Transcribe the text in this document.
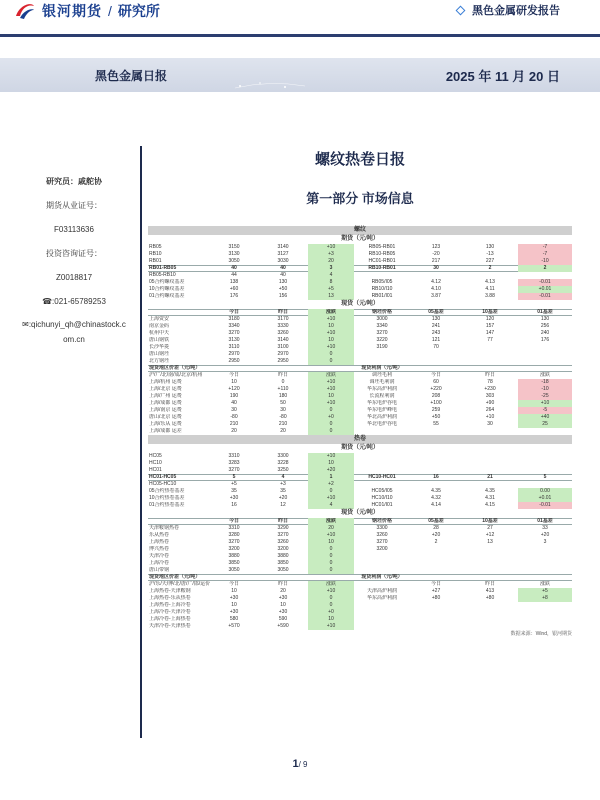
银河期货 / 研究所	黑色金属研发报告
黑色金属日报	2025 年 11 月 20 日
研究员：戚舵协
期货从业证号：
F03113636
投资咨询证号：
Z0018817
☎:021-65789253
✉:qichunyi_qh@chinastock.c
om.cn
螺纹热卷日报
第一部分 市场信息
螺纹
期货（元/吨）
RB05	3150	3140	+10	RB05-RB01	123	130	-7
RB10	3130	3127	+3	RB10-RB05	-20	-13	-7
RB01	3050	3030	20	HC01-RB01	217	227	-10
RB01-RB05	40	40	3	RB10-RB01	30	2	2
RB05-RB10	44	40	4
05合约螺纹基差	138	130	8	RB05/I05	4.12	4.13	-0.01
10合约螺纹基差	+60	+50	+5	RB10/I10	4.10	4.11	+0.01
01合约螺纹基差	176	156	13	RB01/I01	3.87	3.88	-0.01
现货（元/吨）
今日	昨日	涨跌	钢坯价格	05基差	10基差	01基差
上海资安	3180	3170	+10	3000	130	120	130
南京金码	3340	3330	10	3340	241	157	256
杭州中天	3270	3260	+10	3270	243	147	240
唐山钢铁	3130	3140	10	3220	121	77	176
长沙华菱	3110	3100	+10	3190	70
唐山钢坯	2970	2970	0
北方钢坯	2950	2950	0
现货地区价差（元/吨）	现货利润（元/吨）
沪/广/北/南/成/北京/杭州	今日	昨日	涨跌	调坯毛利	今日	昨日	涨跌
上海/杭州 运费	10	0	+10	调坯毛利润	60	78	-18
上海/北京 运费	+120	+110	+10	华东高炉利润	+220	+230	-10
上海/广州 运费	190	180	10	长流程利润	208	303	-25
上海/成都 运费	40	50	+10	华东电炉谷电	+100	+90	+10
上海/南京 运费	30	30	0	华东电炉峰电	259	264	-5
唐山/北京 运费	-80	-80	+0	华北高炉利润	+50	+10	+40
上海/乐从 运费	210	210	0	华北电炉谷电	55	30	25
上海/成都 运差	20	20	0
热卷
期货（元/吨）
HC05	3310	3300	+10
HC10	3283	3228	10
HC01	3270	3250	+20
HC01-HC05	5	4	1	HC10-HC01	16	21	5
HC05-HC10	+5	+3	+2
05合约热卷基差	35	35	0	HC05/I05	4.35	4.35	0.00
10合约热卷基差	+30	+20	+10	HC10/I10	4.32	4.31	+0.01
01合约热卷基差	16	12	4	HC01/I01	4.14	4.15	-0.01
现货（元/吨）
今日	昨日	涨跌	钢坯价格	05基差	10基差	01基差
天津鞍钢热卷	3310	3290	20	3300	28	27	33
乐从热卷	3280	3270	+10	3260	+20	+12	+20
上海热卷	3270	3260	10	3270	2	13	3
博兴热卷	3200	3200	0	3200
天津冷卷	3880	3880	0
上海冷卷	3850	3850	0
唐山带钢	3050	3050	0
现货地区价差（元/吨）	现货利润（元/吨）
沪/乐/天/博/北/唐/广/邯/运价	今日	昨日	涨跌	今日	昨日	涨跌
上海热卷-天津鞍钢	10	20	+10	天津高炉利润	+27	413	+5
上海热卷-乐从热卷	+30	+30	0	华东高炉利润	+80	+80	+8
上海热卷-上海冷卷	10	10	0
上海冷卷-天津冷卷	+30	+30	+0
上海冷卷-上海热卷	580	590	10
天津冷卷-天津热卷	+570	+590	+10
数据来源：Wind，银河期货
1/ 9
